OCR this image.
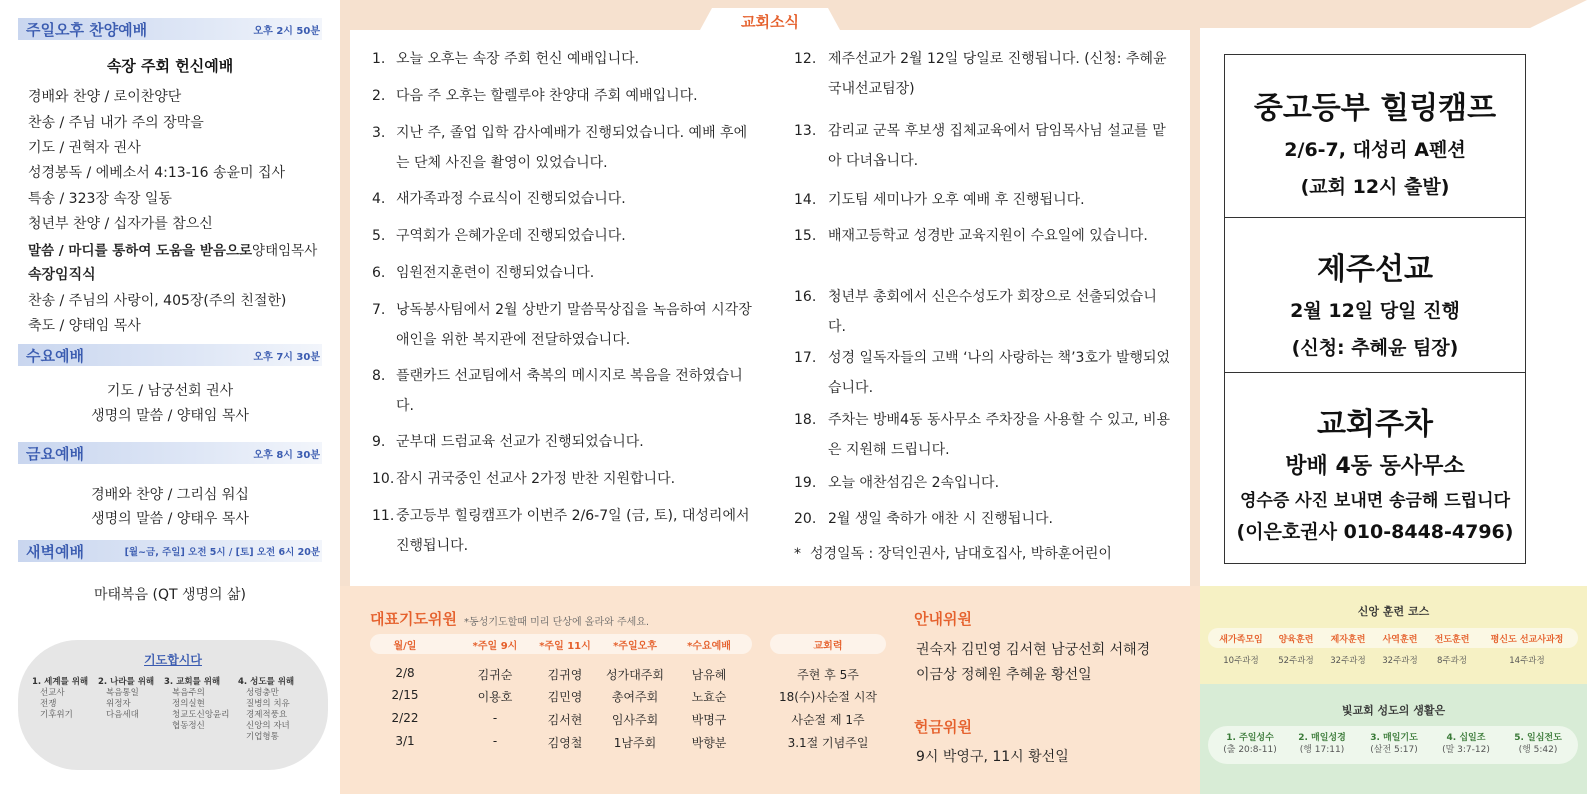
주일오후 찬양예배	오후 2시 50분
속장 주회 헌신예배
경배와 찬양 / 로이찬양단
찬송 / 주님 내가 주의 장막을
기도 / 권혁자 권사
성경봉독 / 에베소서 4:13-16 송윤미 집사
특송 / 323장 속장 일동
청년부 찬양 / 십자가를 참으신
말씀 / 마디를 통하여 도움을 받음으로양태임목사
속장임직식
찬송 / 주님의 사랑이, 405장(주의 친절한)
축도 / 양태임 목사
수요예배	오후 7시 30분
기도 / 남궁선회 권사
생명의 말씀 / 양태임 목사
금요예배	오후 8시 30분
경배와 찬양 / 그리심 워십
생명의 말씀 / 양태우 목사
새벽예배	[월~금, 주일] 오전 5시 / [토] 오전 6시 20분
마태복음 (QT 생명의 삶)
기도합시다
1. 세계를 위해
선교사
전쟁
기후위기
2. 나라를 위해
복음통일
위정자
다음세대
3. 교회를 위해
복음주의
정의실현
청교도신앙윤리
협동정신
4. 성도를 위해
성령충만
질병의 치유
경제적풍요
신앙의 자녀
기업형통
1. 오늘 오후는 속장 주회 헌신 예배입니다.
2. 다음 주 오후는 할렐루야 찬양대 주회 예배입니다.
3. 지난 주, 졸업 입학 감사예배가 진행되었습니다. 예배 후에는 단체 사진을 촬영이 있었습니다.
4. 새가족과정 수료식이 진행되었습니다.
5. 구역회가 은혜가운데 진행되었습니다.
6. 임원전지훈련이 진행되었습니다.
7. 낭독봉사팀에서 2월 상반기 말씀묵상집을 녹음하여 시각장애인을 위한 복지관에 전달하였습니다.
8. 플랜카드 선교팀에서 축복의 메시지로 복음을 전하였습니다.
9. 군부대 드럼교육 선교가 진행되었습니다.
10. 잠시 귀국중인 선교사 2가정 반찬 지원합니다.
11. 중고등부 힐링캠프가 이번주 2/6-7일 (금, 토), 대성리에서 진행됩니다.
12. 제주선교가 2월 12일 당일로 진행됩니다. (신청: 추혜윤 국내선교팀장)
13. 감리교 군목 후보생 집체교육에서 담임목사님 설교를 맡아 다녀옵니다.
14. 기도팀 세미나가 오후 예배 후 진행됩니다.
15. 배재고등학교 성경반 교육지원이 수요일에 있습니다.
16. 청년부 총회에서 신은수성도가 회장으로 선출되었습니다.
17. 성경 일독자들의 고백 ‘나의 사랑하는 책’3호가 발행되었습니다.
18. 주차는 방배4동 동사무소 주차장을 사용할 수 있고, 비용은 지원해 드립니다.
19. 오늘 애찬섬김은 2속입니다.
20. 2월 생일 축하가 애찬 시 진행됩니다.
* 성경일독 : 장덕인권사, 남대호집사, 박하훈어린이
교회소식
중고등부 힐링캠프
2/6-7, 대성리 A펜션
(교회 12시 출발)
제주선교
2월 12일 당일 진행
(신청: 추혜윤 팀장)
교회주차
방배 4동 동사무소
영수증 사진 보내면 송금해 드립니다
(이은호권사 010-8448-4796)
대표기도위원 *동성기도할때 미리 단상에 올라와 주세요.
월/일	*주일 9시	*주일 11시	*주일오후	*수요예배	교회력
2/8	김귀순	김귀영	성가대주회	남유혜	주현 후 5주
2/15	이용호	김민영	총여주회	노효순	18(수)사순절 시작
2/22	-	김서현	임사주회	박명구	사순절 제 1주
3/1	-	김영철	1남주회	박향분	3.1절 기념주일
안내위원
권숙자 김민영 김서현 남궁선회 서해경
이금상 정혜원 추혜윤 황선일
헌금위원
9시 박영구, 11시 황선일
신앙 훈련 코스
새가족모임	양육훈련	제자훈련	사역훈련	전도훈련	평신도 선교사과정
10주과정	52주과정	32주과정	32주과정	8주과정	14주과정
빛교회 성도의 생활은
1. 주일성수
(출 20:8-11)
2. 매일성경
(행 17:11)
3. 매일기도
(살전 5:17)
4. 십일조
(말 3:7-12)
5. 일심전도
(행 5:42)
